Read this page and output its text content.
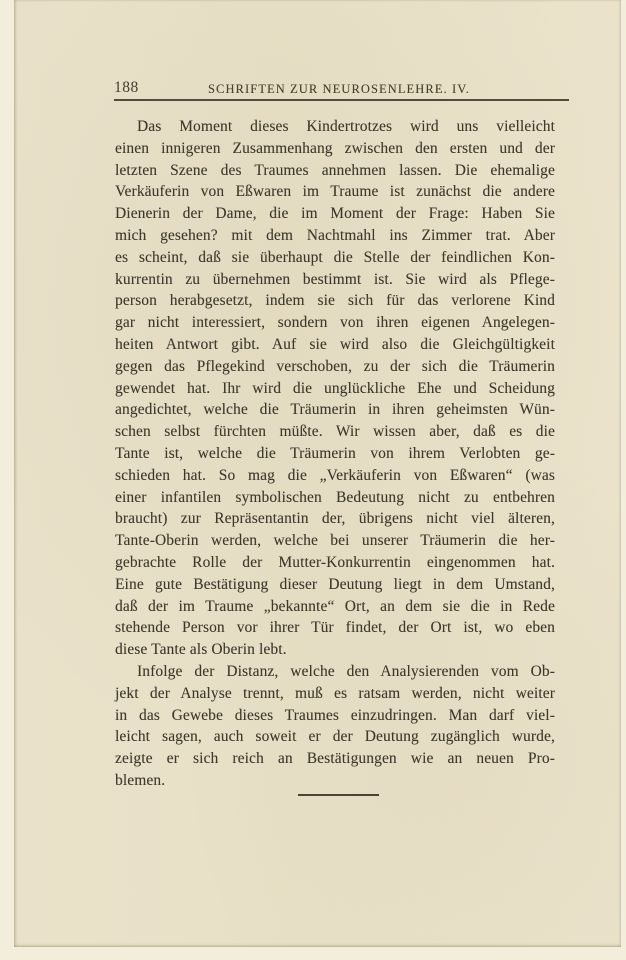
188	SCHRIFTEN ZUR NEUROSENLEHRE. IV.
Das Moment dieses Kindertrotzes wird uns vielleicht
einen innigeren Zusammenhang zwischen den ersten und der
letzten Szene des Traumes annehmen lassen. Die ehemalige
Verkäuferin von Eßwaren im Traume ist zunächst die andere
Dienerin der Dame, die im Moment der Frage: Haben Sie
mich gesehen? mit dem Nachtmahl ins Zimmer trat. Aber
es scheint, daß sie überhaupt die Stelle der feindlichen Kon-
kurrentin zu übernehmen bestimmt ist. Sie wird als Pflege-
person herabgesetzt, indem sie sich für das verlorene Kind
gar nicht interessiert, sondern von ihren eigenen Angelegen-
heiten Antwort gibt. Auf sie wird also die Gleichgültigkeit
gegen das Pflegekind verschoben, zu der sich die Träumerin
gewendet hat. Ihr wird die unglückliche Ehe und Scheidung
angedichtet, welche die Träumerin in ihren geheimsten Wün-
schen selbst fürchten müßte. Wir wissen aber, daß es die
Tante ist, welche die Träumerin von ihrem Verlobten ge-
schieden hat. So mag die „Verkäuferin von Eßwaren“ (was
einer infantilen symbolischen Bedeutung nicht zu entbehren
braucht) zur Repräsentantin der, übrigens nicht viel älteren,
Tante-Oberin werden, welche bei unserer Träumerin die her-
gebrachte Rolle der Mutter-Konkurrentin eingenommen hat.
Eine gute Bestätigung dieser Deutung liegt in dem Umstand,
daß der im Traume „bekannte“ Ort, an dem sie die in Rede
stehende Person vor ihrer Tür findet, der Ort ist, wo eben
diese Tante als Oberin lebt.
Infolge der Distanz, welche den Analysierenden vom Ob-
jekt der Analyse trennt, muß es ratsam werden, nicht weiter
in das Gewebe dieses Traumes einzudringen. Man darf viel-
leicht sagen, auch soweit er der Deutung zugänglich wurde,
zeigte er sich reich an Bestätigungen wie an neuen Pro-
blemen.
